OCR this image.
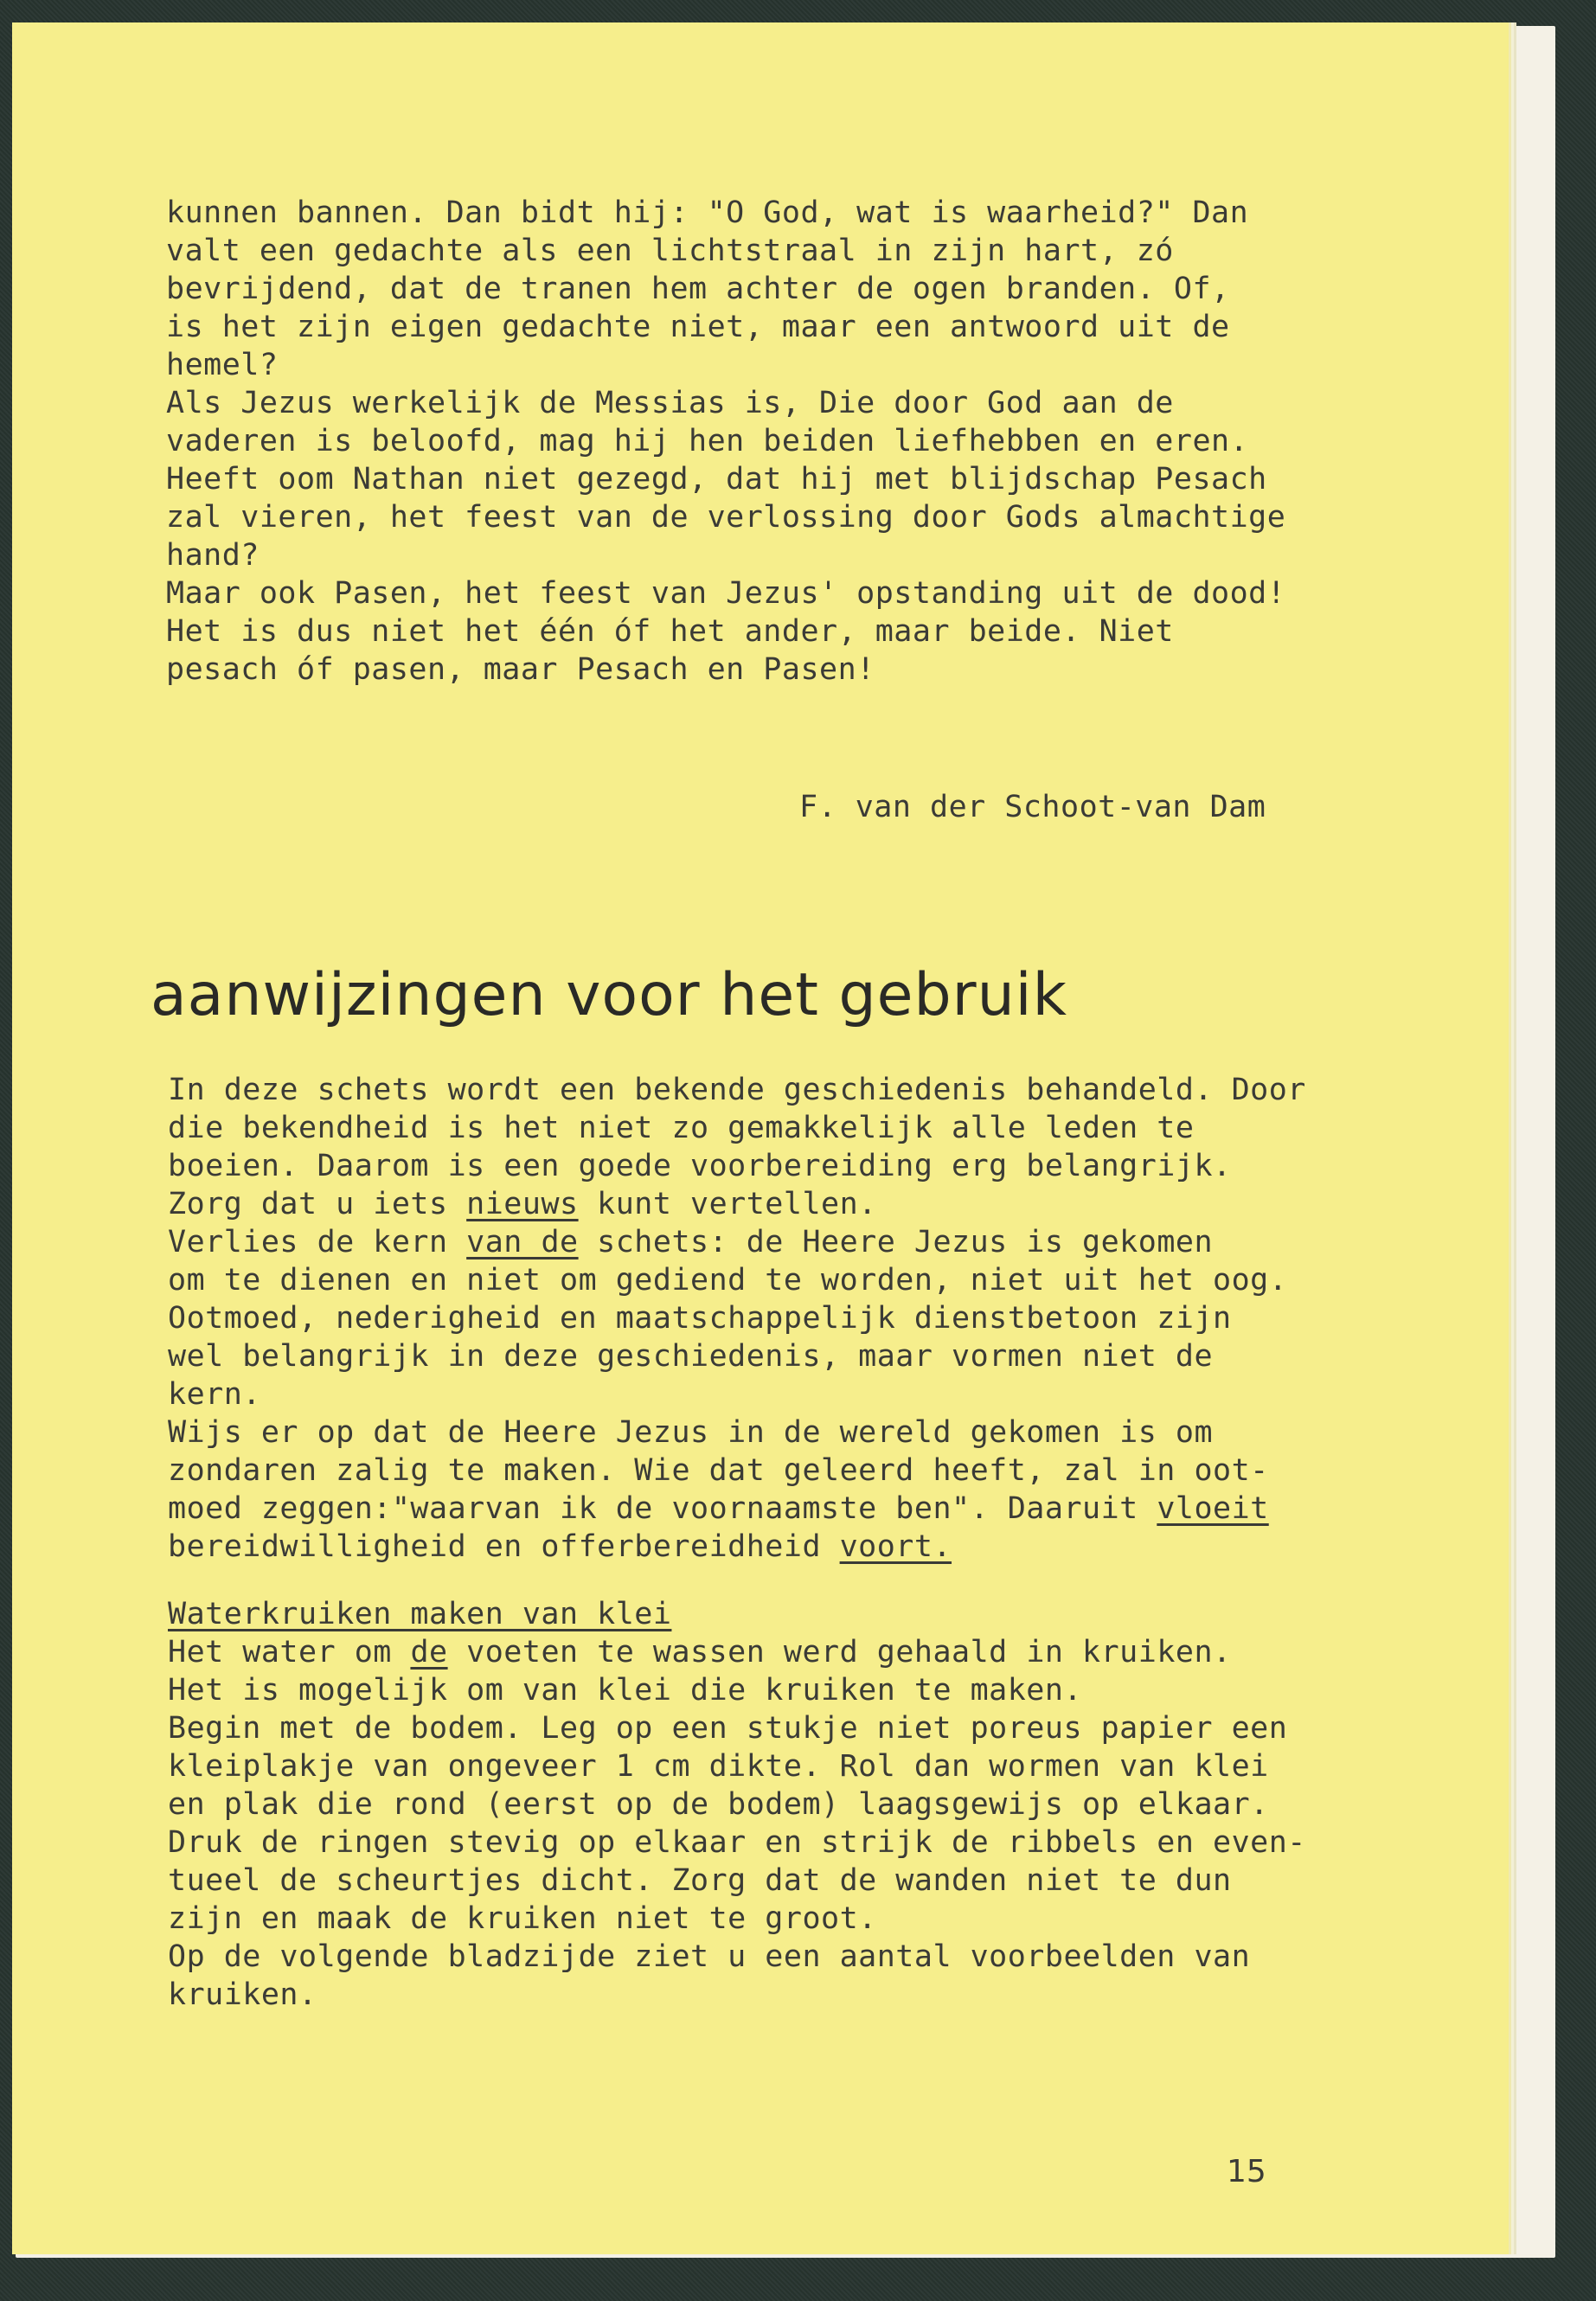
kunnen bannen. Dan bidt hij: "O God, wat is waarheid?" Dan

valt een gedachte als een lichtstraal in zijn hart, zó

bevrijdend, dat de tranen hem achter de ogen branden. Of,

is het zijn eigen gedachte niet, maar een antwoord uit de

hemel?

Als Jezus werkelijk de Messias is, Die door God aan de

vaderen is beloofd, mag hij hen beiden liefhebben en eren.

Heeft oom Nathan niet gezegd, dat hij met blijdschap Pesach

zal vieren, het feest van de verlossing door Gods almachtige

hand?

Maar ook Pasen, het feest van Jezus' opstanding uit de dood!

Het is dus niet het één óf het ander, maar beide. Niet

pesach óf pasen, maar Pesach en Pasen!

F. van der Schoot-van Dam

aanwijzingen voor het gebruik

In deze schets wordt een bekende geschiedenis behandeld. Door

die bekendheid is het niet zo gemakkelijk alle leden te

boeien. Daarom is een goede voorbereiding erg belangrijk.

Zorg dat u iets nieuws kunt vertellen.

Verlies de kern van de schets: de Heere Jezus is gekomen

om te dienen en niet om gediend te worden, niet uit het oog.

Ootmoed, nederigheid en maatschappelijk dienstbetoon zijn

wel belangrijk in deze geschiedenis, maar vormen niet de

kern.

Wijs er op dat de Heere Jezus in de wereld gekomen is om

zondaren zalig te maken. Wie dat geleerd heeft, zal in oot-

moed zeggen:"waarvan ik de voornaamste ben". Daaruit vloeit

bereidwilligheid en offerbereidheid voort.

Waterkruiken maken van klei

Het water om de voeten te wassen werd gehaald in kruiken.

Het is mogelijk om van klei die kruiken te maken.

Begin met de bodem. Leg op een stukje niet poreus papier een

kleiplakje van ongeveer 1 cm dikte. Rol dan wormen van klei

en plak die rond (eerst op de bodem) laagsgewijs op elkaar.

Druk de ringen stevig op elkaar en strijk de ribbels en even-

tueel de scheurtjes dicht. Zorg dat de wanden niet te dun

zijn en maak de kruiken niet te groot.

Op de volgende bladzijde ziet u een aantal voorbeelden van

kruiken.

15
